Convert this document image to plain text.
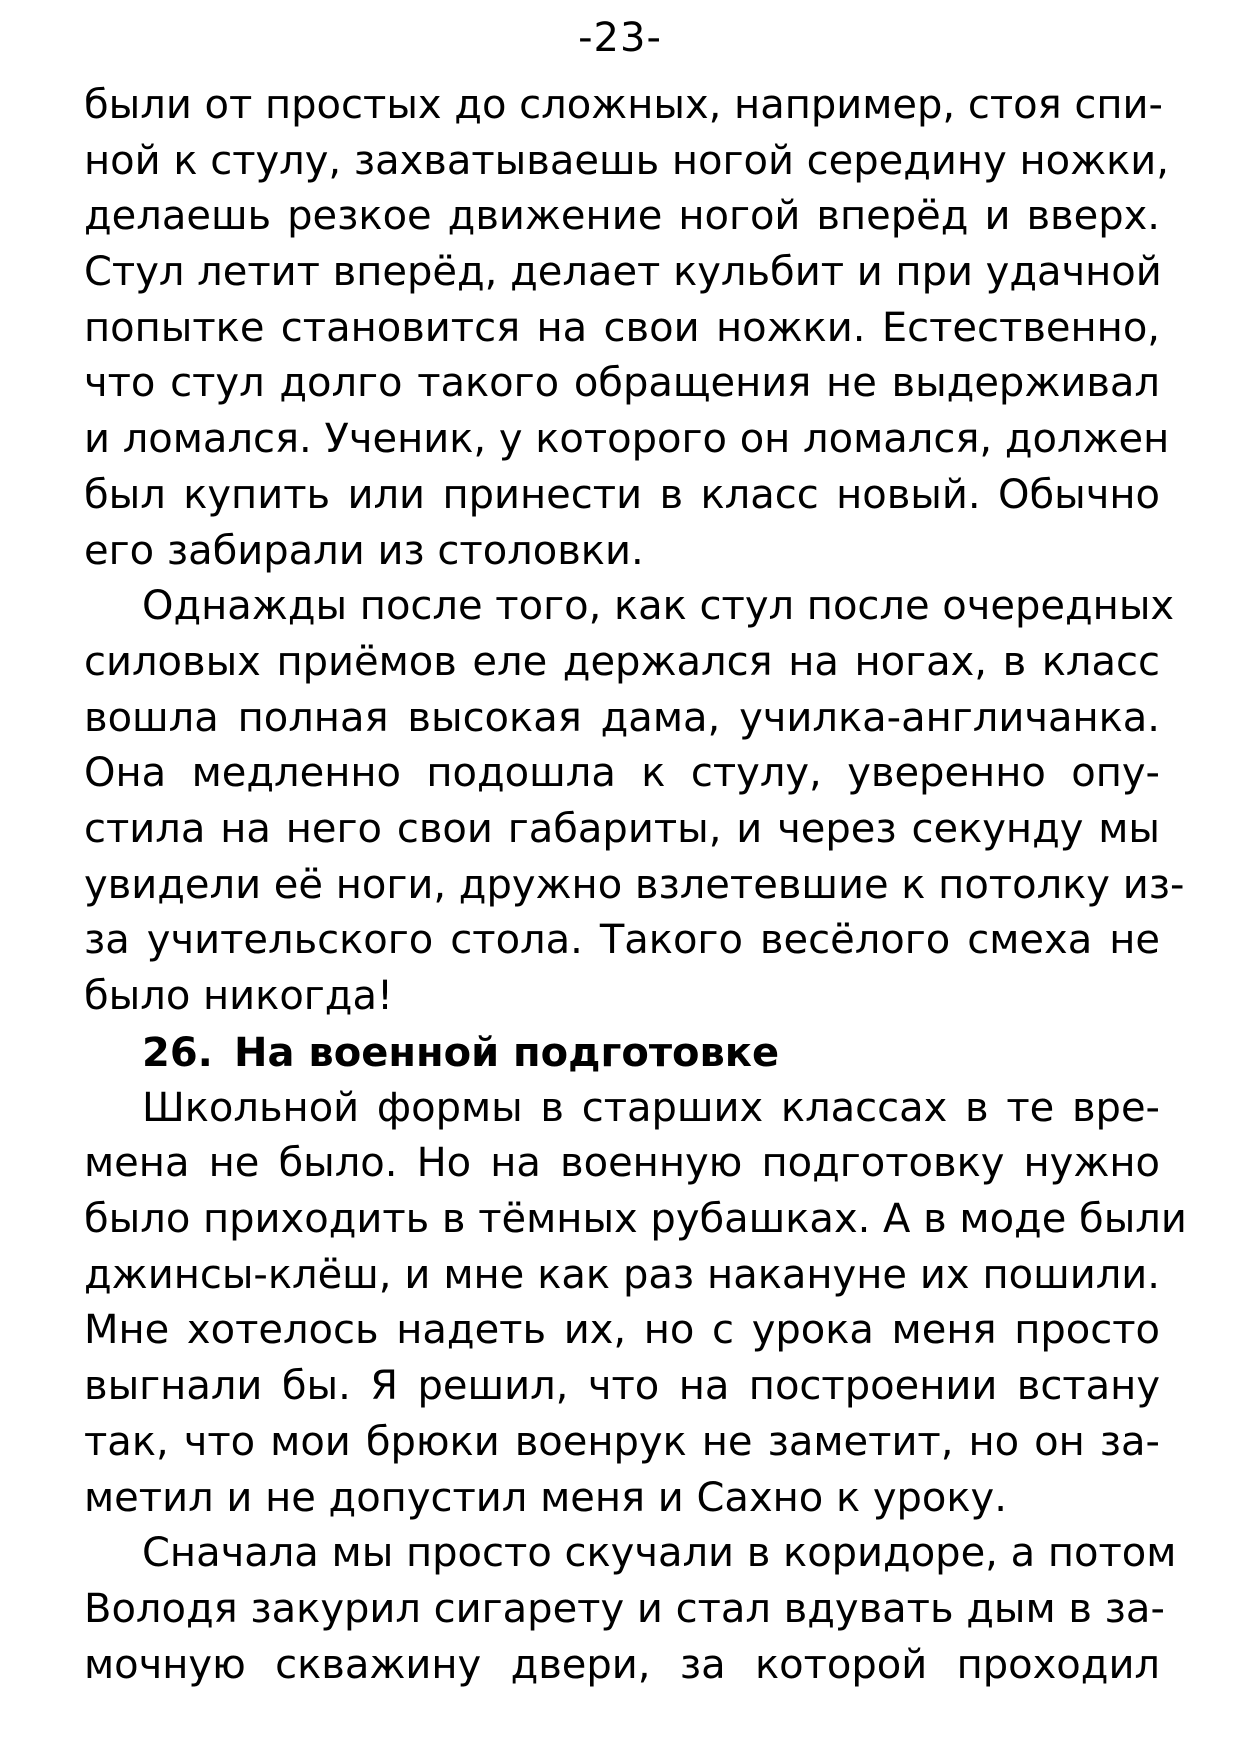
-23-
были от простых до сложных, например, стоя спи-
ной к стулу, захватываешь ногой середину ножки,
делаешь резкое движение ногой вперёд и вверх.
Стул летит вперёд, делает кульбит и при удачной
попытке становится на свои ножки. Естественно,
что стул долго такого обращения не выдерживал
и ломался. Ученик, у которого он ломался, должен
был купить или принести в класс новый. Обычно
его забирали из столовки.
Однажды после того, как стул после очередных
силовых приёмов еле держался на ногах, в класс
вошла полная высокая дама, училка-англичанка.
Она медленно подошла к стулу, уверенно опу-
стила на него свои габариты, и через секунду мы
увидели её ноги, дружно взлетевшие к потолку из-
за учительского стола. Такого весёлого смеха не
было никогда!
26. На военной подготовке
Школьной формы в старших классах в те вре-
мена не было. Но на военную подготовку нужно
было приходить в тёмных рубашках. А в моде были
джинсы-клёш, и мне как раз накануне их пошили.
Мне хотелось надеть их, но с урока меня просто
выгнали бы. Я решил, что на построении встану
так, что мои брюки военрук не заметит, но он за-
метил и не допустил меня и Сахно к уроку.
Сначала мы просто скучали в коридоре, а потом
Володя закурил сигарету и стал вдувать дым в за-
мочную скважину двери, за которой проходил
